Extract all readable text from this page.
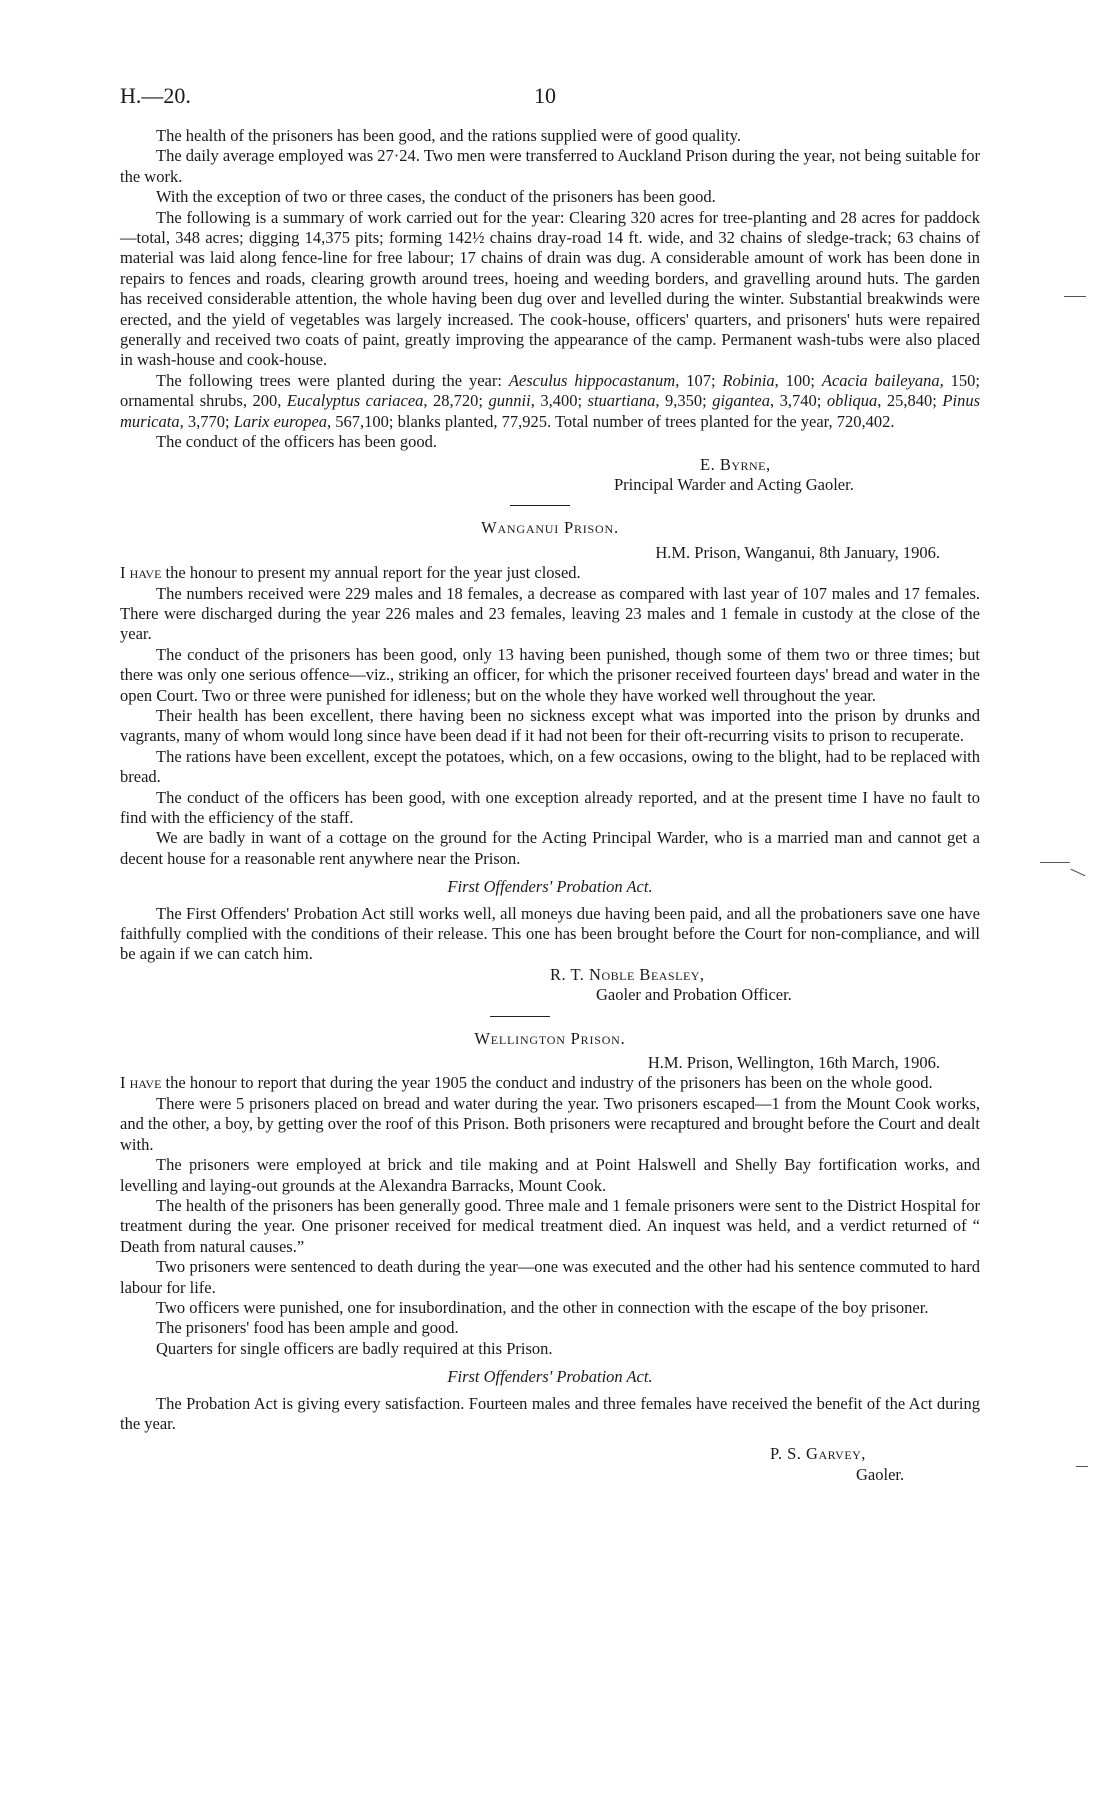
H.—20.	10

The health of the prisoners has been good, and the rations supplied were of good quality.

The daily average employed was 27·24. Two men were transferred to Auckland Prison during the year, not being suitable for the work.

With the exception of two or three cases, the conduct of the prisoners has been good.

The following is a summary of work carried out for the year: Clearing 320 acres for tree-planting and 28 acres for paddock—total, 348 acres; digging 14,375 pits; forming 142½ chains dray-road 14 ft. wide, and 32 chains of sledge-track; 63 chains of material was laid along fence-line for free labour; 17 chains of drain was dug. A considerable amount of work has been done in repairs to fences and roads, clearing growth around trees, hoeing and weeding borders, and gravelling around huts. The garden has received considerable attention, the whole having been dug over and levelled during the winter. Substantial breakwinds were erected, and the yield of vegetables was largely increased. The cook-house, officers' quarters, and prisoners' huts were repaired generally and received two coats of paint, greatly improving the appearance of the camp. Permanent wash-tubs were also placed in wash-house and cook-house.

The following trees were planted during the year: Aesculus hippocastanum, 107; Robinia, 100; Acacia baileyana, 150; ornamental shrubs, 200, Eucalyptus cariacea, 28,720; gunnii, 3,400; stuartiana, 9,350; gigantea, 3,740; obliqua, 25,840; Pinus muricata, 3,770; Larix europea, 567,100; blanks planted, 77,925. Total number of trees planted for the year, 720,402.

The conduct of the officers has been good.

E. Byrne,
Principal Warder and Acting Gaoler.
Wanganui Prison.
H.M. Prison, Wanganui, 8th January, 1906.

I have the honour to present my annual report for the year just closed.

The numbers received were 229 males and 18 females, a decrease as compared with last year of 107 males and 17 females. There were discharged during the year 226 males and 23 females, leaving 23 males and 1 female in custody at the close of the year.

The conduct of the prisoners has been good, only 13 having been punished, though some of them two or three times; but there was only one serious offence—viz., striking an officer, for which the prisoner received fourteen days' bread and water in the open Court. Two or three were punished for idleness; but on the whole they have worked well throughout the year.

Their health has been excellent, there having been no sickness except what was imported into the prison by drunks and vagrants, many of whom would long since have been dead if it had not been for their oft-recurring visits to prison to recuperate.

The rations have been excellent, except the potatoes, which, on a few occasions, owing to the blight, had to be replaced with bread.

The conduct of the officers has been good, with one exception already reported, and at the present time I have no fault to find with the efficiency of the staff.

We are badly in want of a cottage on the ground for the Acting Principal Warder, who is a married man and cannot get a decent house for a reasonable rent anywhere near the Prison.

First Offenders' Probation Act.

The First Offenders' Probation Act still works well, all moneys due having been paid, and all the probationers save one have faithfully complied with the conditions of their release. This one has been brought before the Court for non-compliance, and will be again if we can catch him.

R. T. Noble Beasley,
Gaoler and Probation Officer.
Wellington Prison.
H.M. Prison, Wellington, 16th March, 1906.

I have the honour to report that during the year 1905 the conduct and industry of the prisoners has been on the whole good.

There were 5 prisoners placed on bread and water during the year. Two prisoners escaped—1 from the Mount Cook works, and the other, a boy, by getting over the roof of this Prison. Both prisoners were recaptured and brought before the Court and dealt with.

The prisoners were employed at brick and tile making and at Point Halswell and Shelly Bay fortification works, and levelling and laying-out grounds at the Alexandra Barracks, Mount Cook.

The health of the prisoners has been generally good. Three male and 1 female prisoners were sent to the District Hospital for treatment during the year. One prisoner received for medical treatment died. An inquest was held, and a verdict returned of “ Death from natural causes.”

Two prisoners were sentenced to death during the year—one was executed and the other had his sentence commuted to hard labour for life.

Two officers were punished, one for insubordination, and the other in connection with the escape of the boy prisoner.

The prisoners' food has been ample and good.

Quarters for single officers are badly required at this Prison.

First Offenders' Probation Act.

The Probation Act is giving every satisfaction. Fourteen males and three females have received the benefit of the Act during the year.

P. S. Garvey,
Gaoler.
